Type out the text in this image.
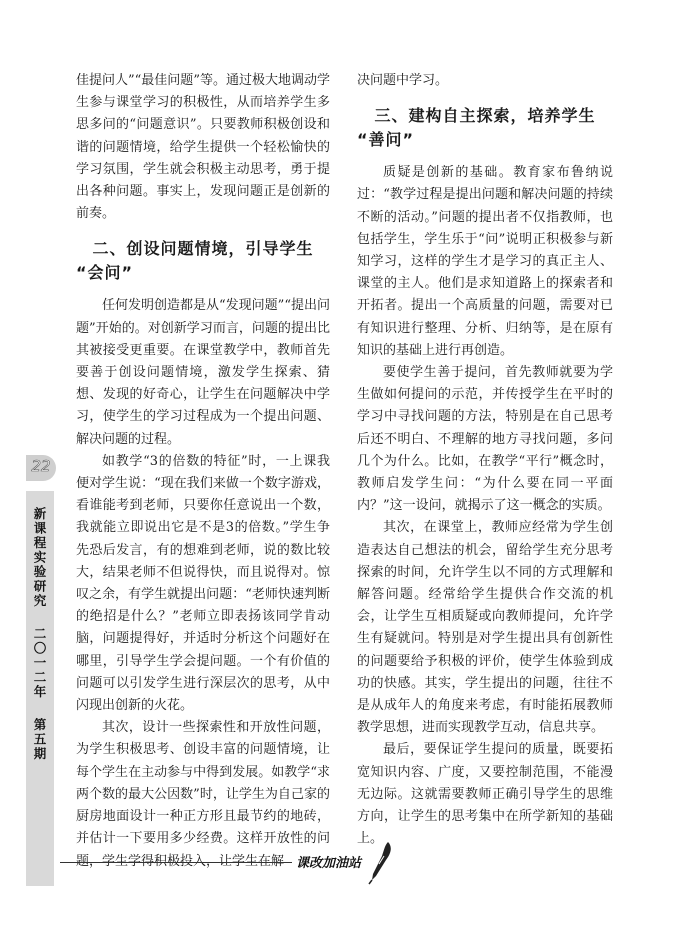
佳提问人”“最佳问题”等。通过极大地调动学生参与课堂学习的积极性，从而培养学生多思多问的“问题意识”。只要教师积极创设和谐的问题情境，给学生提供一个轻松愉快的学习氛围，学生就会积极主动思考，勇于提出各种问题。事实上，发现问题正是创新的前奏。

二、创设问题情境，引导学生
“会问”

任何发明创造都是从“发现问题”“提出问题”开始的。对创新学习而言，问题的提出比其被接受更重要。在课堂教学中，教师首先要善于创设问题情境，激发学生探索、猜想、发现的好奇心，让学生在问题解决中学习，使学生的学习过程成为一个提出问题、解决问题的过程。

如教学“3的倍数的特征”时，一上课我便对学生说：“现在我们来做一个数字游戏，看谁能考到老师，只要你任意说出一个数，我就能立即说出它是不是3的倍数。”学生争先恐后发言，有的想难到老师，说的数比较大，结果老师不但说得快，而且说得对。惊叹之余，有学生就提出问题：“老师快速判断的绝招是什么？”老师立即表扬该同学肯动脑，问题提得好，并适时分析这个问题好在哪里，引导学生学会提问题。一个有价值的问题可以引发学生进行深层次的思考，从中闪现出创新的火花。

其次，设计一些探索性和开放性问题，为学生积极思考、创设丰富的问题情境，让每个学生在主动参与中得到发展。如教学“求两个数的最大公因数”时，让学生为自己家的厨房地面设计一种正方形且最节约的地砖，并估计一下要用多少经费。这样开放性的问题，学生学得积极投入，让学生在解

决问题中学习。

三、建构自主探索，培养学生
“善问”

质疑是创新的基础。教育家布鲁纳说过：“教学过程是提出问题和解决问题的持续不断的活动。”问题的提出者不仅指教师，也包括学生，学生乐于“问”说明正积极参与新知学习，这样的学生才是学习的真正主人、课堂的主人。他们是求知道路上的探索者和开拓者。提出一个高质量的问题，需要对已有知识进行整理、分析、归纳等，是在原有知识的基础上进行再创造。

要使学生善于提问，首先教师就要为学生做如何提问的示范，并传授学生在平时的学习中寻找问题的方法，特别是在自己思考后还不明白、不理解的地方寻找问题，多问几个为什么。比如，在教学“平行”概念时，教师启发学生问：“为什么要在同一平面内？”这一设问，就揭示了这一概念的实质。

其次，在课堂上，教师应经常为学生创造表达自己想法的机会，留给学生充分思考探索的时间，允许学生以不同的方式理解和解答问题。经常给学生提供合作交流的机会，让学生互相质疑或向教师提问，允许学生有疑就问。特别是对学生提出具有创新性的问题要给予积极的评价，使学生体验到成功的快感。其实，学生提出的问题，往往不是从成年人的角度来考虑，有时能拓展教师教学思想，进而实现教学互动，信息共享。

最后，要保证学生提问的质量，既要拓宽知识内容、广度，又要控制范围，不能漫无边际。这就需要教师正确引导学生的思维方向，让学生的思考集中在所学新知的基础上。

22
新课程实验研究 二〇一二年 第五期
课改加油站
